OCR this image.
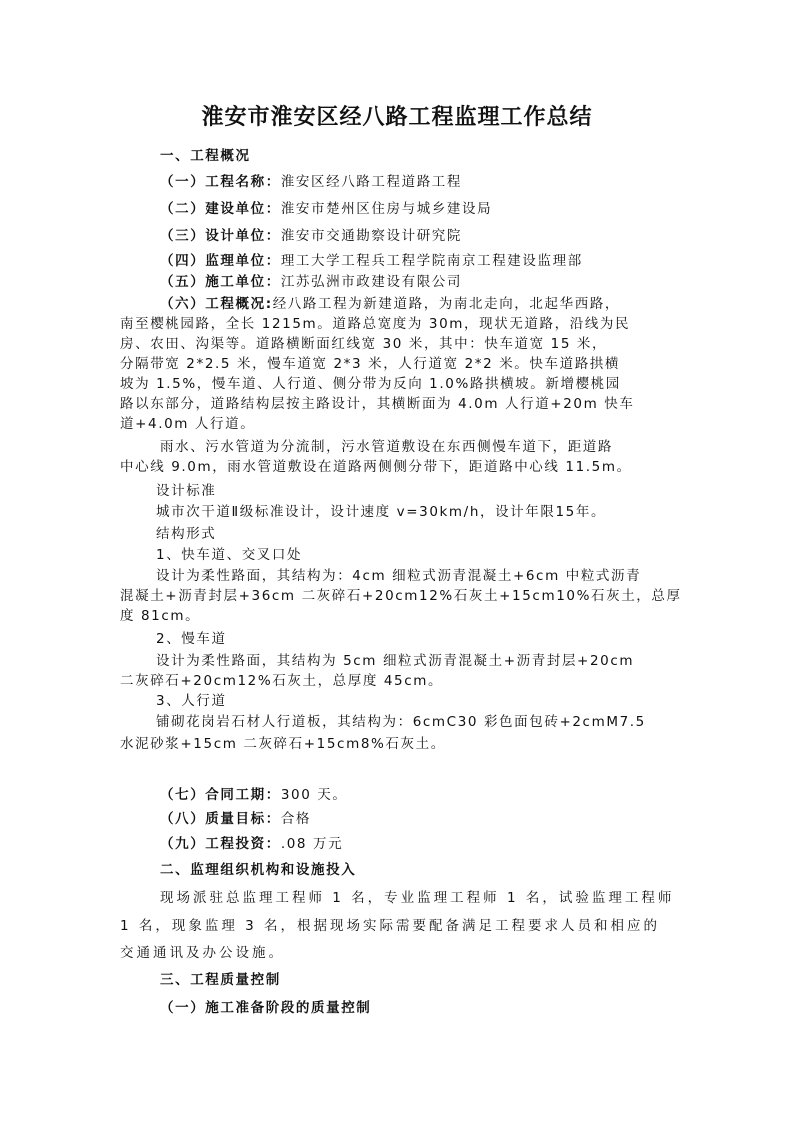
淮安市淮安区经八路工程监理工作总结
一、工程概况
（一）工程名称：淮安区经八路工程道路工程
（二）建设单位：淮安市楚州区住房与城乡建设局
（三）设计单位：淮安市交通勘察设计研究院
（四）监理单位：理工大学工程兵工程学院南京工程建设监理部
（五）施工单位：江苏弘洲市政建设有限公司
（六）工程概况:经八路工程为新建道路，为南北走向，北起华西路，
南至樱桃园路，全长 1215m。道路总宽度为 30m，现状无道路，沿线为民
房、农田、沟渠等。道路横断面红线宽 30 米，其中：快车道宽 15 米，
分隔带宽 2*2.5 米，慢车道宽 2*3 米，人行道宽 2*2 米。快车道路拱横
坡为 1.5%，慢车道、人行道、侧分带为反向 1.0%路拱横坡。新增樱桃园
路以东部分，道路结构层按主路设计，其横断面为 4.0m 人行道+20m 快车
道+4.0m 人行道。
雨水、污水管道为分流制，污水管道敷设在东西侧慢车道下，距道路
中心线 9.0m，雨水管道敷设在道路两侧侧分带下，距道路中心线 11.5m。
设计标准
城市次干道Ⅱ级标准设计，设计速度 v=30km/h，设计年限15年。
结构形式
1、快车道、交叉口处
设计为柔性路面，其结构为：4cm 细粒式沥青混凝土+6cm 中粒式沥青
混凝土+沥青封层+36cm 二灰碎石+20cm12%石灰土+15cm10%石灰土，总厚
度 81cm。
2、慢车道
设计为柔性路面，其结构为 5cm 细粒式沥青混凝土+沥青封层+20cm
二灰碎石+20cm12%石灰土，总厚度 45cm。
3、人行道
铺砌花岗岩石材人行道板，其结构为：6cmC30 彩色面包砖+2cmM7.5
水泥砂浆+15cm 二灰碎石+15cm8%石灰土。
（七）合同工期：300 天。
（八）质量目标：合格
（九）工程投资：.08 万元
二、监理组织机构和设施投入
现场派驻总监理工程师 1 名，专业监理工程师 1 名，试验监理工程师
1 名，现象监理 3 名，根据现场实际需要配备满足工程要求人员和相应的
交通通讯及办公设施。
三、工程质量控制
（一）施工准备阶段的质量控制
